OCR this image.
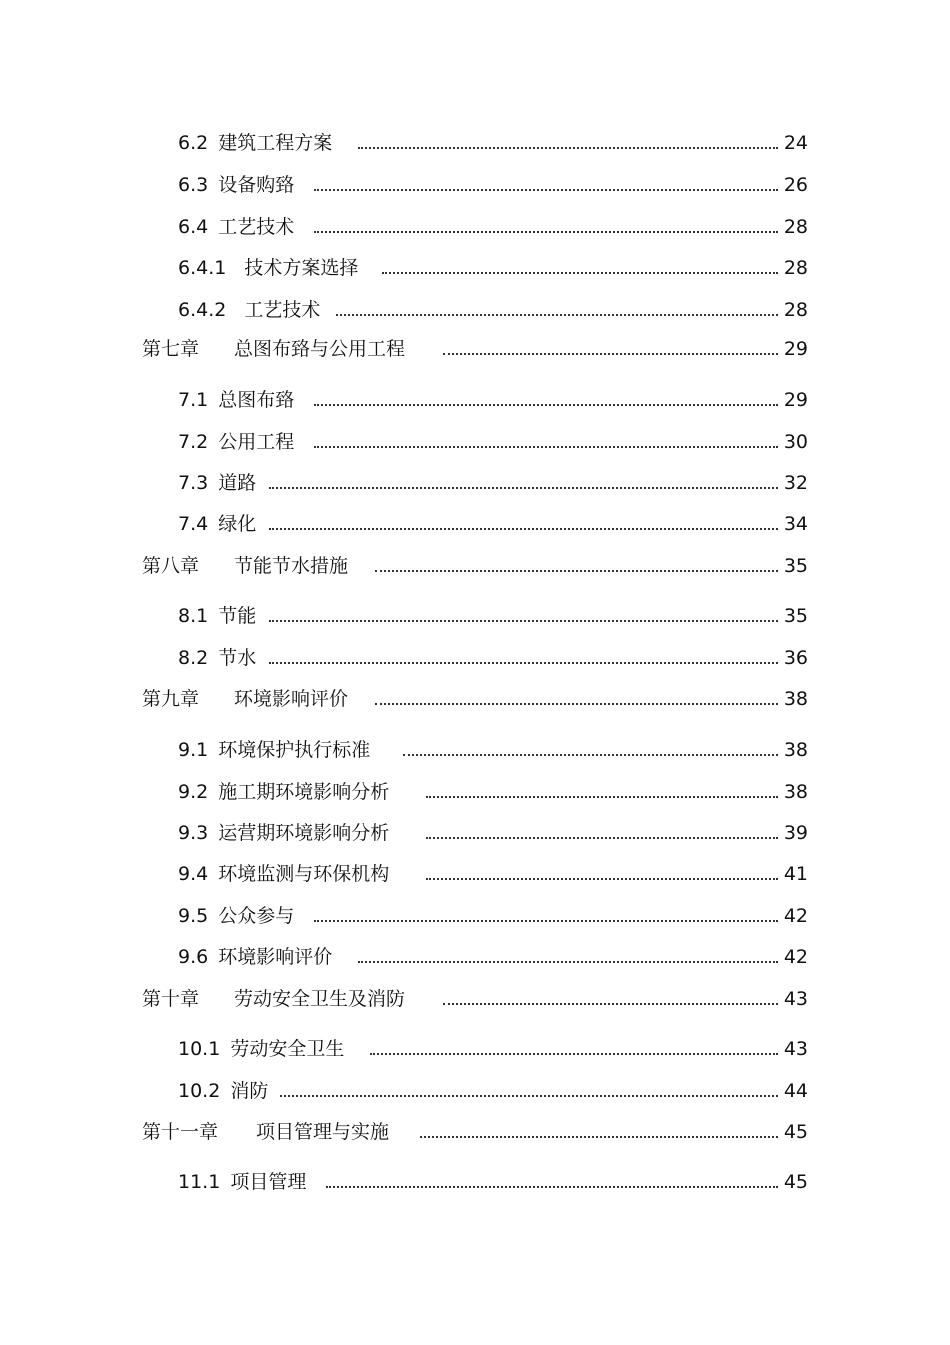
6.2 建筑工程方案	24
6.3 设备购臵	26
6.4 工艺技术	28
6.4.1 技术方案选择	28
6.4.2 工艺技术	28
第七章 总图布臵与公用工程	29
7.1 总图布臵	29
7.2 公用工程	30
7.3 道路	32
7.4 绿化	34
第八章 节能节水措施	35
8.1 节能	35
8.2 节水	36
第九章 环境影响评价	38
9.1 环境保护执行标准	38
9.2 施工期环境影响分析	38
9.3 运营期环境影响分析	39
9.4 环境监测与环保机构	41
9.5 公众参与	42
9.6 环境影响评价	42
第十章 劳动安全卫生及消防	43
10.1 劳动安全卫生	43
10.2 消防	44
第十一章 项目管理与实施	45
11.1 项目管理	45
